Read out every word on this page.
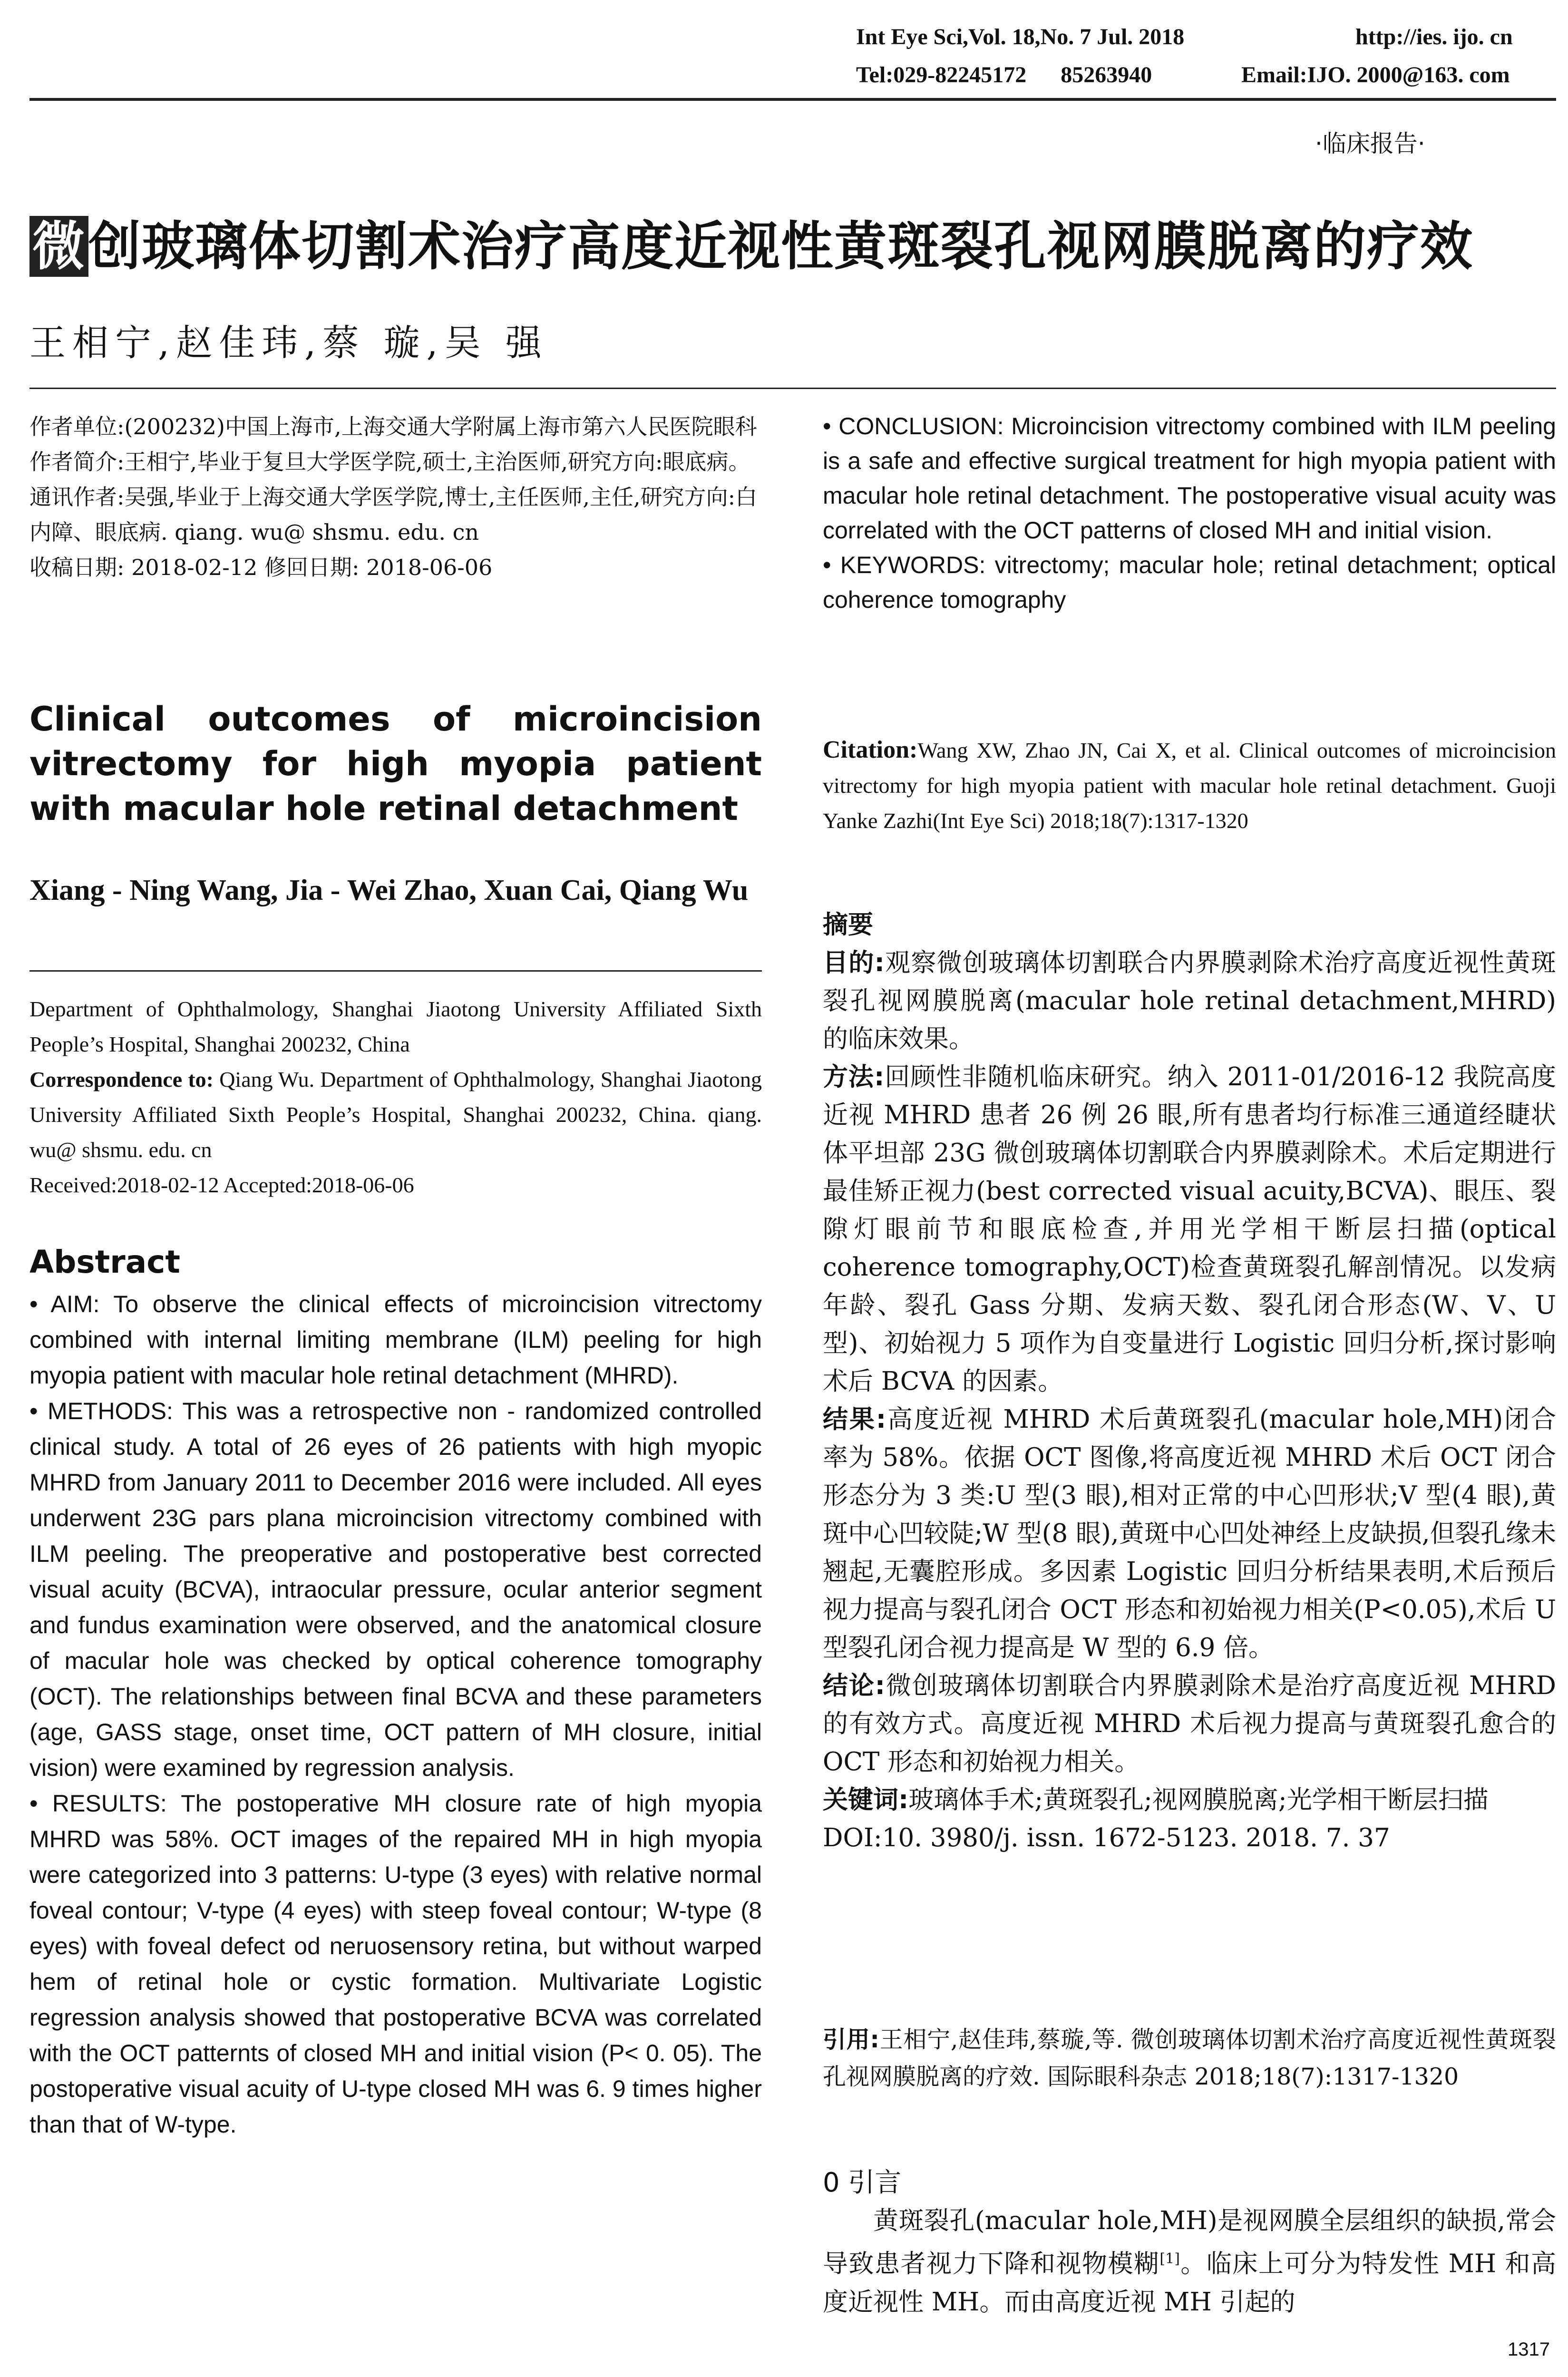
Int Eye Sci,Vol. 18,No. 7 Jul. 2018	http://ies. ijo. cn
Tel:029-82245172      85263940	Email:IJO. 2000@163. com
·临床报告·
微创玻璃体切割术治疗高度近视性黄斑裂孔视网膜脱离的疗效
王相宁,赵佳玮,蔡 璇,吴 强

作者单位:(200232)中国上海市,上海交通大学附属上海市第六人民医院眼科

作者简介:王相宁,毕业于复旦大学医学院,硕士,主治医师,研究方向:眼底病。

通讯作者:吴强,毕业于上海交通大学医学院,博士,主任医师,主任,研究方向:白内障、眼底病. qiang. wu@ shsmu. edu. cn

收稿日期: 2018-02-12 修回日期: 2018-06-06

Clinical outcomes of microincision vitrectomy for high myopia patient with macular hole retinal detachment
Xiang - Ning Wang, Jia - Wei Zhao, Xuan Cai, Qiang Wu

Department of Ophthalmology, Shanghai Jiaotong University Affiliated Sixth People’s Hospital, Shanghai 200232, China

Correspondence to: Qiang Wu. Department of Ophthalmology, Shanghai Jiaotong University Affiliated Sixth People’s Hospital, Shanghai 200232, China. qiang. wu@ shsmu. edu. cn

Received:2018-02-12 Accepted:2018-06-06

Abstract

• AIM: To observe the clinical effects of microincision vitrectomy combined with internal limiting membrane (ILM) peeling for high myopia patient with macular hole retinal detachment (MHRD).

• METHODS: This was a retrospective non - randomized controlled clinical study. A total of 26 eyes of 26 patients with high myopic MHRD from January 2011 to December 2016 were included. All eyes underwent 23G pars plana microincision vitrectomy combined with ILM peeling. The preoperative and postoperative best corrected visual acuity (BCVA), intraocular pressure, ocular anterior segment and fundus examination were observed, and the anatomical closure of macular hole was checked by optical coherence tomography (OCT). The relationships between final BCVA and these parameters (age, GASS stage, onset time, OCT pattern of MH closure, initial vision) were examined by regression analysis.

• RESULTS: The postoperative MH closure rate of high myopia MHRD was 58%. OCT images of the repaired MH in high myopia were categorized into 3 patterns: U-type (3 eyes) with relative normal foveal contour; V-type (4 eyes) with steep foveal contour; W-type (8 eyes) with foveal defect od neruosensory retina, but without warped hem of retinal hole or cystic formation. Multivariate Logistic regression analysis showed that postoperative BCVA was correlated with the OCT patternts of closed MH and initial vision (P< 0. 05). The postoperative visual acuity of U-type closed MH was 6. 9 times higher than that of W-type.

• CONCLUSION: Microincision vitrectomy combined with ILM peeling is a safe and effective surgical treatment for high myopia patient with macular hole retinal detachment. The postoperative visual acuity was correlated with the OCT patterns of closed MH and initial vision.

• KEYWORDS: vitrectomy; macular hole; retinal detachment; optical coherence tomography

Citation:Wang XW, Zhao JN, Cai X, et al. Clinical outcomes of microincision vitrectomy for high myopia patient with macular hole retinal detachment. Guoji Yanke Zazhi(Int Eye Sci) 2018;18(7):1317-1320

摘要

目的:观察微创玻璃体切割联合内界膜剥除术治疗高度近视性黄斑裂孔视网膜脱离(macular hole retinal detachment,MHRD)的临床效果。

方法:回顾性非随机临床研究。纳入 2011-01/2016-12 我院高度近视 MHRD 患者 26 例 26 眼,所有患者均行标准三通道经睫状体平坦部 23G 微创玻璃体切割联合内界膜剥除术。术后定期进行最佳矫正视力(best corrected visual acuity,BCVA)、眼压、裂隙灯眼前节和眼底检查,并用光学相干断层扫描(optical coherence tomography,OCT)检查黄斑裂孔解剖情况。以发病年龄、裂孔 Gass 分期、发病天数、裂孔闭合形态(W、V、U 型)、初始视力 5 项作为自变量进行 Logistic 回归分析,探讨影响术后 BCVA 的因素。

结果:高度近视 MHRD 术后黄斑裂孔(macular hole,MH)闭合率为 58%。依据 OCT 图像,将高度近视 MHRD 术后 OCT 闭合形态分为 3 类:U 型(3 眼),相对正常的中心凹形状;V 型(4 眼),黄斑中心凹较陡;W 型(8 眼),黄斑中心凹处神经上皮缺损,但裂孔缘未翘起,无囊腔形成。多因素 Logistic 回归分析结果表明,术后预后视力提高与裂孔闭合 OCT 形态和初始视力相关(P<0.05),术后 U 型裂孔闭合视力提高是 W 型的 6.9 倍。

结论:微创玻璃体切割联合内界膜剥除术是治疗高度近视 MHRD 的有效方式。高度近视 MHRD 术后视力提高与黄斑裂孔愈合的 OCT 形态和初始视力相关。

关键词:玻璃体手术;黄斑裂孔;视网膜脱离;光学相干断层扫描

DOI:10. 3980/j. issn. 1672-5123. 2018. 7. 37

引用:王相宁,赵佳玮,蔡璇,等. 微创玻璃体切割术治疗高度近视性黄斑裂孔视网膜脱离的疗效. 国际眼科杂志 2018;18(7):1317-1320
0 引言
黄斑裂孔(macular hole,MH)是视网膜全层组织的缺损,常会导致患者视力下降和视物模糊[1]。临床上可分为特发性 MH 和高度近视性 MH。而由高度近视 MH 引起的
1317
